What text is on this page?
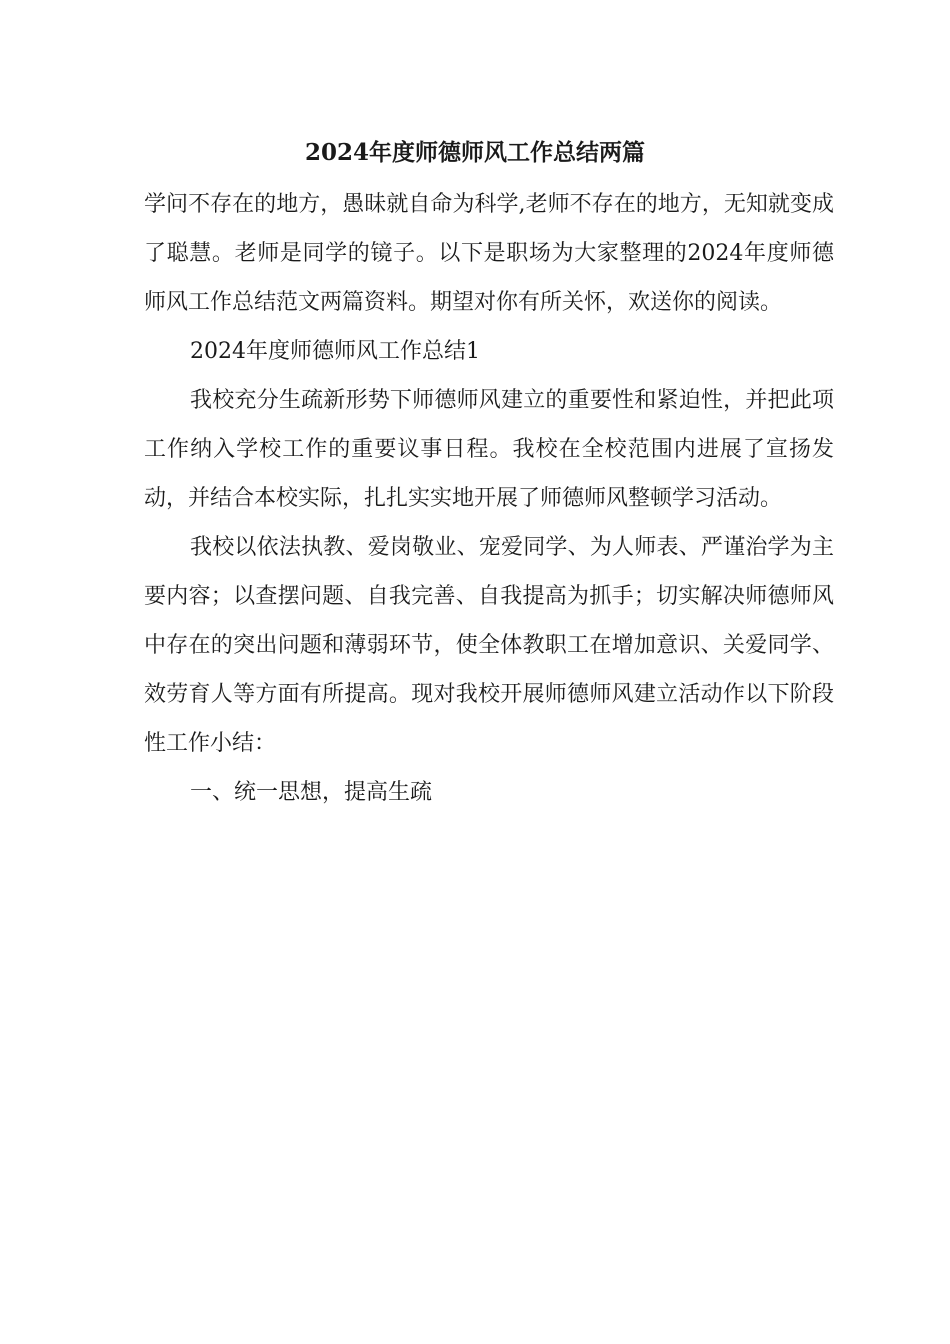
2024年度师德师风工作总结两篇

学问不存在的地方，愚昧就自命为科学,老师不存在的地方，无知就变成了聪慧。老师是同学的镜子。以下是职场为大家整理的2024年度师德师风工作总结范文两篇资料。期望对你有所关怀，欢送你的阅读。

2024年度师德师风工作总结1

我校充分生疏新形势下师德师风建立的重要性和紧迫性，并把此项工作纳入学校工作的重要议事日程。我校在全校范围内进展了宣扬发动，并结合本校实际，扎扎实实地开展了师德师风整顿学习活动。

我校以依法执教、爱岗敬业、宠爱同学、为人师表、严谨治学为主要内容；以查摆问题、自我完善、自我提高为抓手；切实解决师德师风中存在的突出问题和薄弱环节，使全体教职工在增加意识、关爱同学、效劳育人等方面有所提高。现对我校开展师德师风建立活动作以下阶段性工作小结：

一、统一思想，提高生疏
